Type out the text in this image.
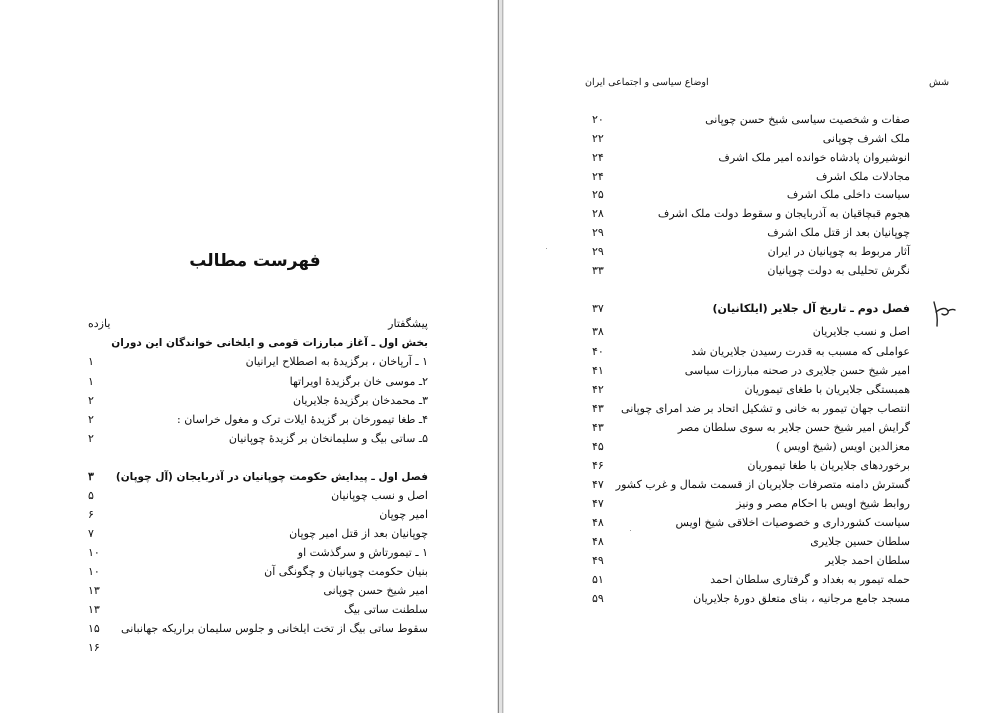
فهرست مطالب
پیشگفتار
یازده
بخش اول ـ آغاز مبارزات قومی و ایلخانی خواندگان این دوران
۱ ـ آرپاخان ، برگزیدۀ به اصطلاح ایرانیان
۱
۲ـ موسی خان برگزیدۀ اویراتها
۱
۳ـ محمدخان برگزیدۀ جلایریان
۲
۴ـ طغا تیمورخان بر گزیدۀ ایلات ترک و مغول خراسان :
۲
۵ـ ساتی بیگ و سلیمانخان بر گزیدۀ چوپانیان
۲
فصل اول ـ پیدایش حکومت چوپانیان در آذربایجان (آل چوپان)
۳
اصل و نسب چوپانیان
۵
امیر چوپان
۶
چوپانیان بعد از قتل امیر چوپان
۷
۱ ـ تیمورتاش و سرگذشت او
۱۰
بنیان حکومت چوپانیان و چگونگی آن
۱۰
امیر شیخ حسن چوپانی
۱۳
سلطنت ساتی بیگ
۱۳
سقوط ساتی بیگ از تخت ایلخانی و جلوس سلیمان براریکه جهانبانی
۱۵
۱۶
اوضاع سیاسی و اجتماعی ایران	شش
صفات و شخصیت سیاسی شیخ حسن چوپانی
۲۰
ملک اشرف چوپانی
۲۲
انوشیروان پادشاه خوانده امیر ملک اشرف
۲۴
مجادلات ملک اشرف
۲۴
سیاست داخلی ملک اشرف
۲۵
هجوم قبچاقیان به آذربایجان و سقوط دولت ملک اشرف
۲۸
چوپانیان بعد از قتل ملک اشرف
۲۹
آثار مربوط به چوپانیان در ایران
۲۹
نگرش تحلیلی به دولت چوپانیان
۳۳
فصل دوم ـ تاریخ آل جلایر (ایلکانیان)
۳۷
اصل و نسب جلایریان
۳۸
عواملی که مسبب به قدرت رسیدن جلایریان شد
۴۰
امیر شیخ حسن جلایری در صحنه مبارزات سیاسی
۴۱
همبستگی جلایریان با طغای تیموریان
۴۲
انتصاب جهان تیمور به خانی و تشکیل اتحاد بر ضد امرای چوپانی
۴۳
گرایش امیر شیخ حسن جلایر به سوی سلطان مصر
۴۳
معزالدین اویس (شیخ اویس )
۴۵
برخوردهای جلایریان با طغا تیموریان
۴۶
گسترش دامنه متصرفات جلایریان از قسمت شمال و غرب کشور
۴۷
روابط شیخ اویس با احکام مصر و ونیز
۴۷
سیاست کشورداری و خصوصیات اخلاقی شیخ اویس
۴۸
سلطان حسین جلایری
۴۸
سلطان احمد جلایر
۴۹
حمله تیمور به بغداد و گرفتاری سلطان احمد
۵۱
مسجد جامع مرجانیه ، بنای متعلق دورۀ جلایریان
۵۹
